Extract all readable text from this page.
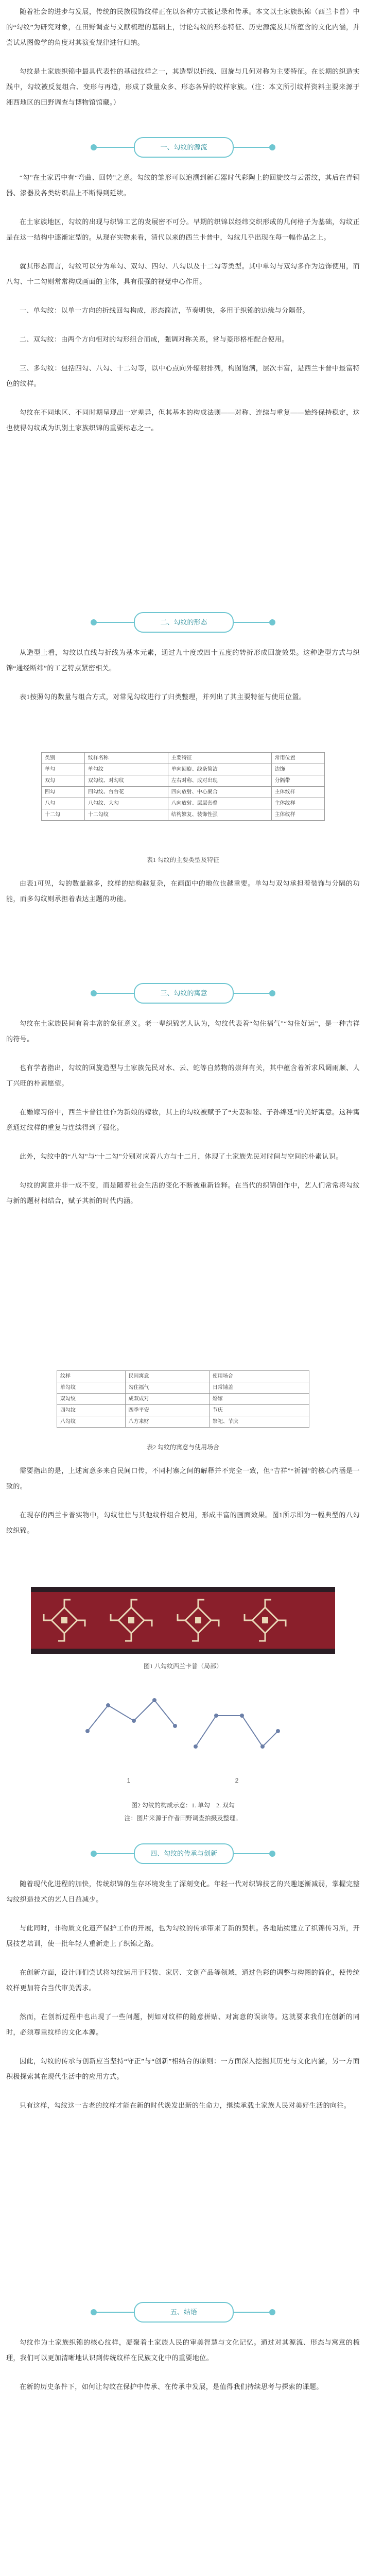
随着社会的进步与发展，传统的民族服饰纹样正在以各种方式被记录和传承。本文以土家族织锦（西兰卡普）中的“勾纹”为研究对象，在田野调查与文献梳理的基础上，讨论勾纹的形态特征、历史源流及其所蕴含的文化内涵，并尝试从图像学的角度对其演变规律进行归纳。

勾纹是土家族织锦中最具代表性的基础纹样之一，其造型以折线、回旋与几何对称为主要特征。在长期的织造实践中，勾纹被反复组合、变形与再造，形成了数量众多、形态各异的纹样家族。（注：本文所引纹样资料主要来源于湘西地区的田野调查与博物馆馆藏。）

一、勾纹的源流

“勾”在土家语中有“弯曲、回转”之意。勾纹的雏形可以追溯到新石器时代彩陶上的回旋纹与云雷纹，其后在青铜器、漆器及各类纺织品上不断得到延续。

在土家族地区，勾纹的出现与织锦工艺的发展密不可分。早期的织锦以经纬交织形成的几何格子为基础，勾纹正是在这一结构中逐渐定型的。从现存实物来看，清代以来的西兰卡普中，勾纹几乎出现在每一幅作品之上。

就其形态而言，勾纹可以分为单勾、双勾、四勾、八勾以及十二勾等类型。其中单勾与双勾多作为边饰使用，而八勾、十二勾则常常构成画面的主体，具有很强的视觉中心作用。

一、单勾纹：以单一方向的折线回勾构成，形态简洁，节奏明快，多用于织锦的边缘与分隔带。

二、双勾纹：由两个方向相对的勾形组合而成，强调对称关系，常与菱形格相配合使用。

三、多勾纹：包括四勾、八勾、十二勾等，以中心点向外辐射排列，构图饱满，层次丰富，是西兰卡普中最富特色的纹样。

勾纹在不同地区、不同时期呈现出一定差异，但其基本的构成法则——对称、连续与重复——始终保持稳定，这也使得勾纹成为识别土家族织锦的重要标志之一。

二、勾纹的形态

从造型上看，勾纹以直线与折线为基本元素，通过九十度或四十五度的转折形成回旋效果。这种造型方式与织锦“通经断纬”的工艺特点紧密相关。

表1按照勾的数量与组合方式，对常见勾纹进行了归类整理，并列出了其主要特征与使用位置。

类别	纹样名称	主要特征	常用位置
单勾	单勾纹	单向回旋、线条简洁	边饰
双勾	双勾纹、对勾纹	左右对称、成对出现	分隔带
四勾	四勾纹、台台花	四向放射、中心聚合	主体纹样
八勾	八勾纹、大勾	八向放射、层层套叠	主体纹样
十二勾	十二勾纹	结构繁复、装饰性强	主体纹样
表1 勾纹的主要类型及特征

由表1可见，勾的数量越多，纹样的结构越复杂，在画面中的地位也越重要。单勾与双勾承担着装饰与分隔的功能，而多勾纹则承担着表达主题的功能。

三、勾纹的寓意

勾纹在土家族民间有着丰富的象征意义。老一辈织锦艺人认为，勾纹代表着“勾住福气”“勾住好运”，是一种吉祥的符号。

也有学者指出，勾纹的回旋造型与土家族先民对水、云、蛇等自然物的崇拜有关，其中蕴含着祈求风调雨顺、人丁兴旺的朴素愿望。

在婚嫁习俗中，西兰卡普往往作为新娘的嫁妆，其上的勾纹被赋予了“夫妻和睦、子孙绵延”的美好寓意。这种寓意通过纹样的重复与连续得到了强化。

此外，勾纹中的“八勾”与“十二勾”分别对应着八方与十二月，体现了土家族先民对时间与空间的朴素认识。

勾纹的寓意并非一成不变，而是随着社会生活的变化不断被重新诠释。在当代的织锦创作中，艺人们常常将勾纹与新的题材相结合，赋予其新的时代内涵。

纹样	民间寓意	使用场合
单勾纹	勾住福气	日常铺盖
双勾纹	成双成对	婚嫁
四勾纹	四季平安	节庆
八勾纹	八方来财	祭祀、节庆
表2 勾纹的寓意与使用场合

需要指出的是，上述寓意多来自民间口传，不同村寨之间的解释并不完全一致，但“吉祥”“祈福”的核心内涵是一致的。

在现存的西兰卡普实物中，勾纹往往与其他纹样组合使用，形成丰富的画面效果。图1所示即为一幅典型的八勾纹织锦。

图1 八勾纹西兰卡普（局部）
1	2
图2 勾纹的构成示意：1. 单勾　2. 双勾
注：图片来源于作者田野调查拍摄及整理。
四、勾纹的传承与创新

随着现代化进程的加快，传统织锦的生存环境发生了深刻变化。年轻一代对织锦技艺的兴趣逐渐减弱，掌握完整勾纹织造技术的艺人日益减少。

与此同时，非物质文化遗产保护工作的开展，也为勾纹的传承带来了新的契机。各地陆续建立了织锦传习所，开展技艺培训，使一批年轻人重新走上了织锦之路。

在创新方面，设计师们尝试将勾纹运用于服装、家居、文创产品等领域，通过色彩的调整与构图的简化，使传统纹样更加符合当代审美需求。

然而，在创新过程中也出现了一些问题，例如对纹样的随意拼贴、对寓意的误读等。这就要求我们在创新的同时，必须尊重纹样的文化本源。

因此，勾纹的传承与创新应当坚持“守正”与“创新”相结合的原则：一方面深入挖掘其历史与文化内涵，另一方面积极探索其在现代生活中的应用方式。

只有这样，勾纹这一古老的纹样才能在新的时代焕发出新的生命力，继续承载土家族人民对美好生活的向往。

五、结语

勾纹作为土家族织锦的核心纹样，凝聚着土家族人民的审美智慧与文化记忆。通过对其源流、形态与寓意的梳理，我们可以更加清晰地认识到传统纹样在民族文化中的重要地位。

在新的历史条件下，如何让勾纹在保护中传承、在传承中发展，是值得我们持续思考与探索的课题。
